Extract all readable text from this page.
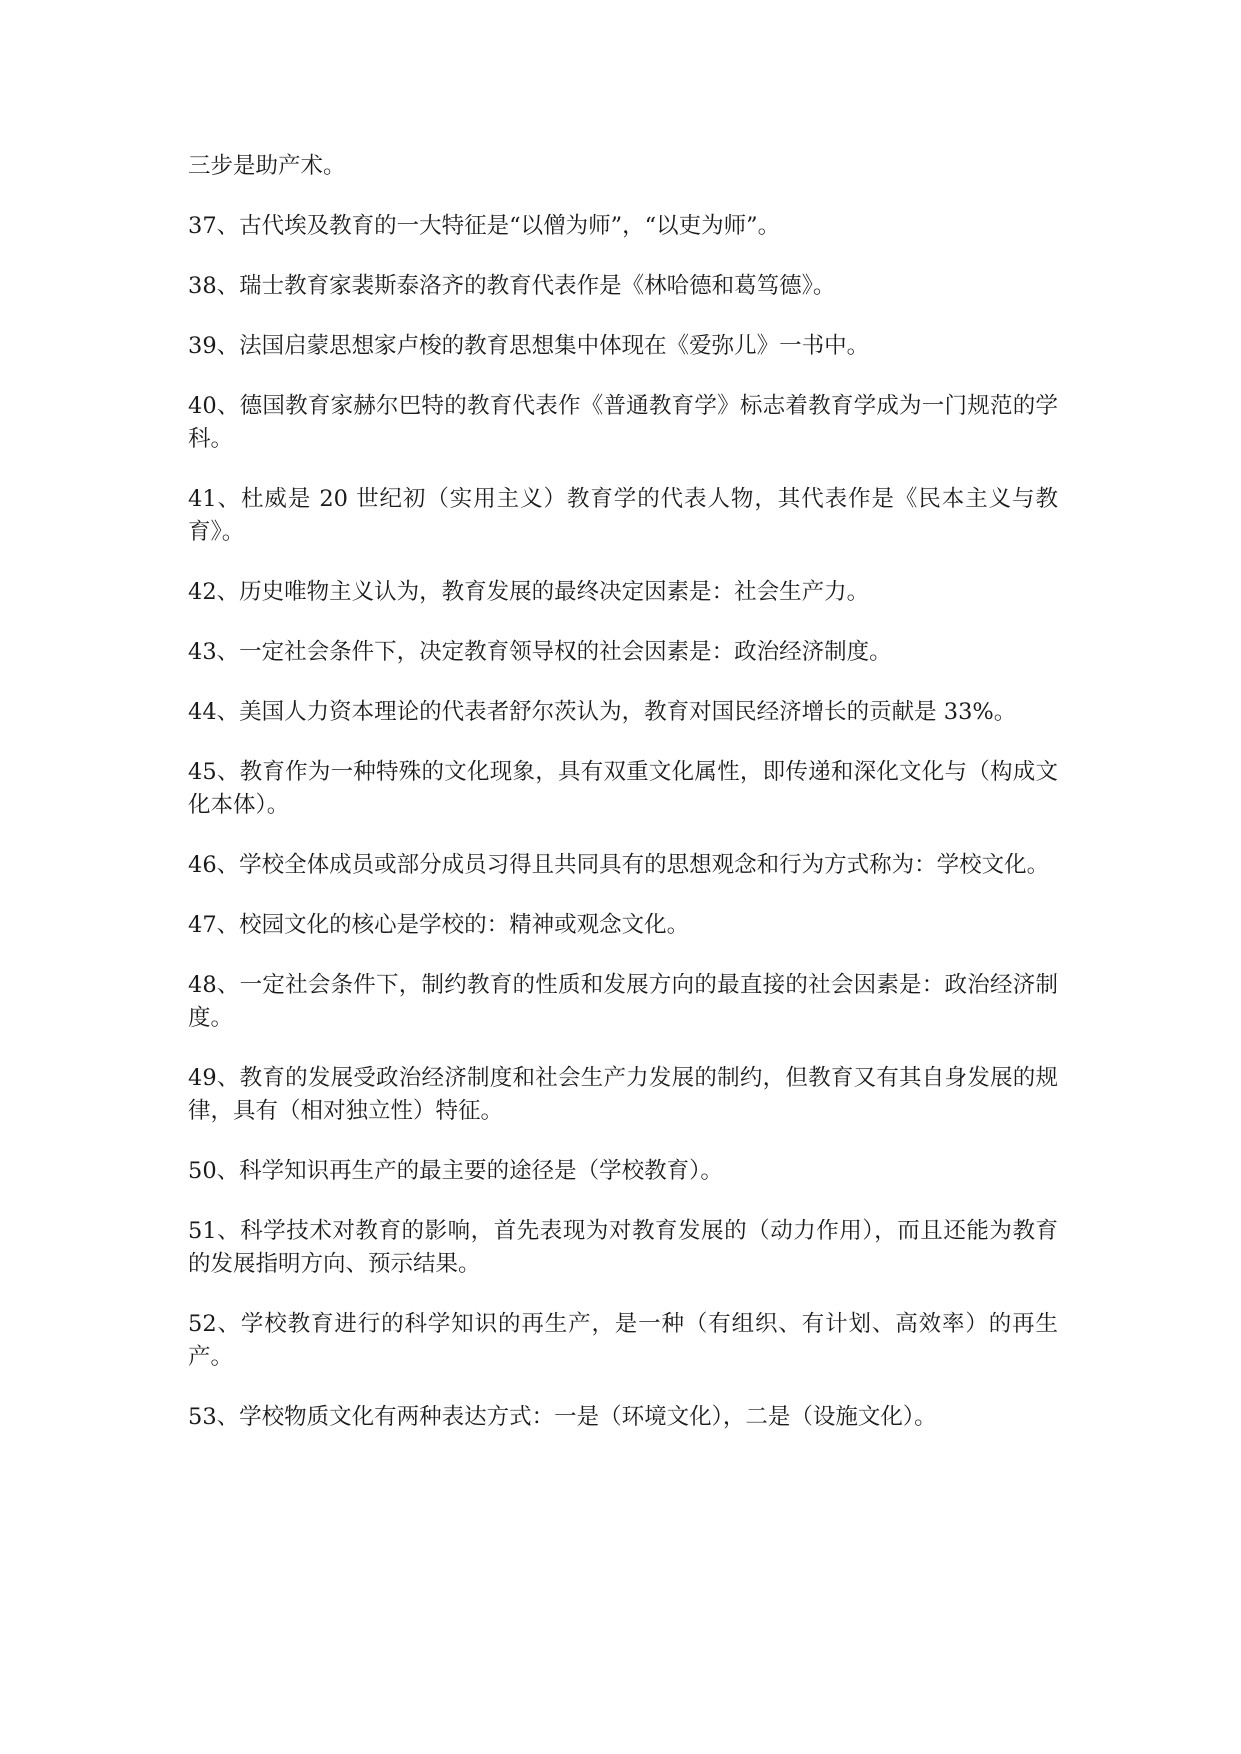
三步是助产术。

37、古代埃及教育的一大特征是“以僧为师”，“以吏为师”。

38、瑞士教育家裴斯泰洛齐的教育代表作是《林哈德和葛笃德》。

39、法国启蒙思想家卢梭的教育思想集中体现在《爱弥儿》一书中。

40、德国教育家赫尔巴特的教育代表作《普通教育学》标志着教育学成为一门规范的学科。

41、杜威是 20 世纪初（实用主义）教育学的代表人物，其代表作是《民本主义与教育》。

42、历史唯物主义认为，教育发展的最终决定因素是：社会生产力。

43、一定社会条件下，决定教育领导权的社会因素是：政治经济制度。

44、美国人力资本理论的代表者舒尔茨认为，教育对国民经济增长的贡献是 33%。

45、教育作为一种特殊的文化现象，具有双重文化属性，即传递和深化文化与（构成文化本体）。

46、学校全体成员或部分成员习得且共同具有的思想观念和行为方式称为：学校文化。

47、校园文化的核心是学校的：精神或观念文化。

48、一定社会条件下，制约教育的性质和发展方向的最直接的社会因素是：政治经济制度。

49、教育的发展受政治经济制度和社会生产力发展的制约，但教育又有其自身发展的规律，具有（相对独立性）特征。

50、科学知识再生产的最主要的途径是（学校教育）。

51、科学技术对教育的影响，首先表现为对教育发展的（动力作用），而且还能为教育的发展指明方向、预示结果。

52、学校教育进行的科学知识的再生产，是一种（有组织、有计划、高效率）的再生产。

53、学校物质文化有两种表达方式：一是（环境文化），二是（设施文化）。
